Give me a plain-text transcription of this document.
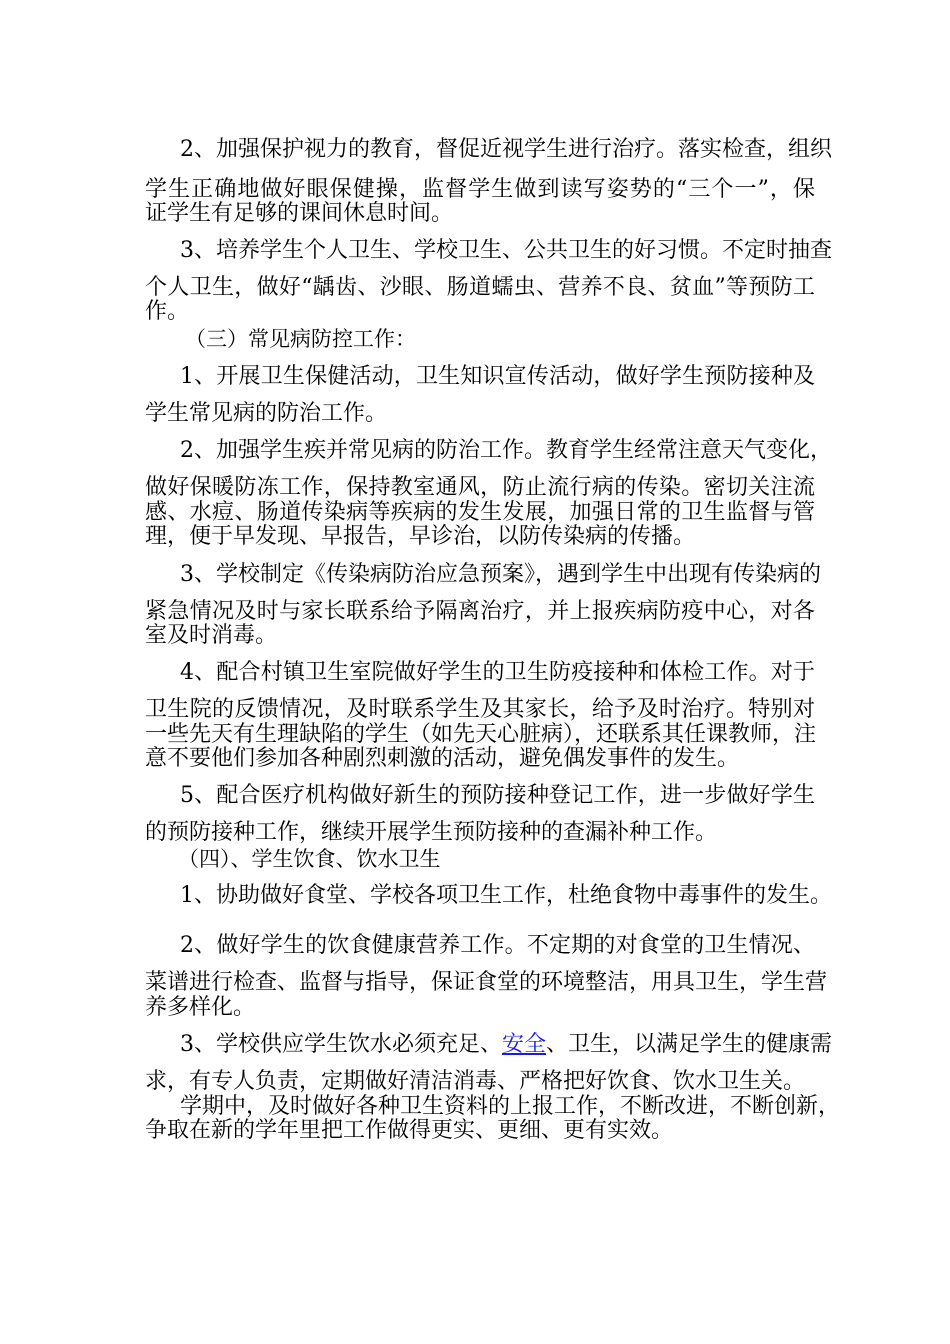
2、加强保护视力的教育，督促近视学生进行治疗。落实检查，组织
学生正确地做好眼保健操，监督学生做到读写姿势的“三个一”，保
证学生有足够的课间休息时间。
3、培养学生个人卫生、学校卫生、公共卫生的好习惯。不定时抽查
个人卫生，做好“龋齿、沙眼、肠道蠕虫、营养不良、贫血”等预防工
作。
（三）常见病防控工作：
1、开展卫生保健活动，卫生知识宣传活动，做好学生预防接种及
学生常见病的防治工作。
2、加强学生疾并常见病的防治工作。教育学生经常注意天气变化，
做好保暖防冻工作，保持教室通风，防止流行病的传染。密切关注流
感、水痘、肠道传染病等疾病的发生发展，加强日常的卫生监督与管
理，便于早发现、早报告，早诊治，以防传染病的传播。
3、学校制定《传染病防治应急预案》，遇到学生中出现有传染病的
紧急情况及时与家长联系给予隔离治疗，并上报疾病防疫中心，对各
室及时消毒。
4、配合村镇卫生室院做好学生的卫生防疫接种和体检工作。对于
卫生院的反馈情况，及时联系学生及其家长，给予及时治疗。特别对
一些先天有生理缺陷的学生（如先天心脏病），还联系其任课教师，注
意不要他们参加各种剧烈刺激的活动，避免偶发事件的发生。
5、配合医疗机构做好新生的预防接种登记工作，进一步做好学生
的预防接种工作，继续开展学生预防接种的查漏补种工作。
（四）、学生饮食、饮水卫生
1、协助做好食堂、学校各项卫生工作，杜绝食物中毒事件的发生。
2、做好学生的饮食健康营养工作。不定期的对食堂的卫生情况、
菜谱进行检查、监督与指导，保证食堂的环境整洁，用具卫生，学生营
养多样化。
3、学校供应学生饮水必须充足、安全、卫生，以满足学生的健康需
求，有专人负责，定期做好清洁消毒、严格把好饮食、饮水卫生关。
学期中，及时做好各种卫生资料的上报工作，不断改进，不断创新，
争取在新的学年里把工作做得更实、更细、更有实效。
